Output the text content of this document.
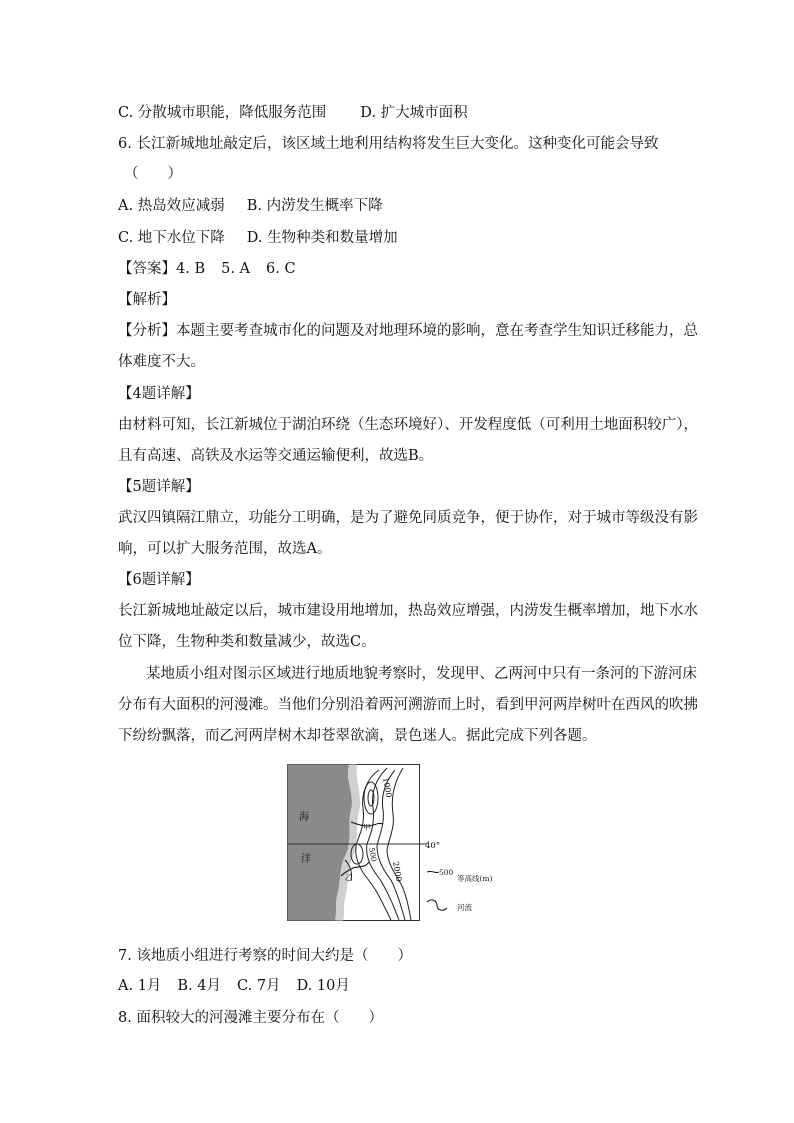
C. 分散城市职能，降低服务范围 D. 扩大城市面积
6. 长江新城地址敲定后，该区域土地利用结构将发生巨大变化。这种变化可能会导致
（　　）
A. 热岛效应减弱 B. 内涝发生概率下降
C. 地下水位下降 D. 生物种类和数量增加
【答案】4. B 5. A 6. C
【解析】
【分析】本题主要考查城市化的问题及对地理环境的影响，意在考查学生知识迁移能力，总
体难度不大。
【4题详解】
由材料可知，长江新城位于湖泊环绕（生态环境好）、开发程度低（可利用土地面积较广），
且有高速、高铁及水运等交通运输便利，故选B。
【5题详解】
武汉四镇隔江鼎立，功能分工明确，是为了避免同质竞争，便于协作，对于城市等级没有影
响，可以扩大服务范围，故选A。
【6题详解】
长江新城地址敲定以后，城市建设用地增加，热岛效应增强，内涝发生概率增加，地下水水
位下降，生物种类和数量减少，故选C。
某地质小组对图示区域进行地质地貌考察时，发现甲、乙两河中只有一条河的下游河床
分布有大面积的河漫滩。当他们分别沿着两河溯游而上时，看到甲河两岸树叶在西风的吹拂
下纷纷飘落，而乙河两岸树木却苍翠欲滴，景色迷人。据此完成下列各题。
海
洋
1000
500
2000
甲
乙
40°
500
等高线(m)
河流
7. 该地质小组进行考察的时间大约是（　　）
A. 1月 B. 4月 C. 7月 D. 10月
8. 面积较大的河漫滩主要分布在（　　）
